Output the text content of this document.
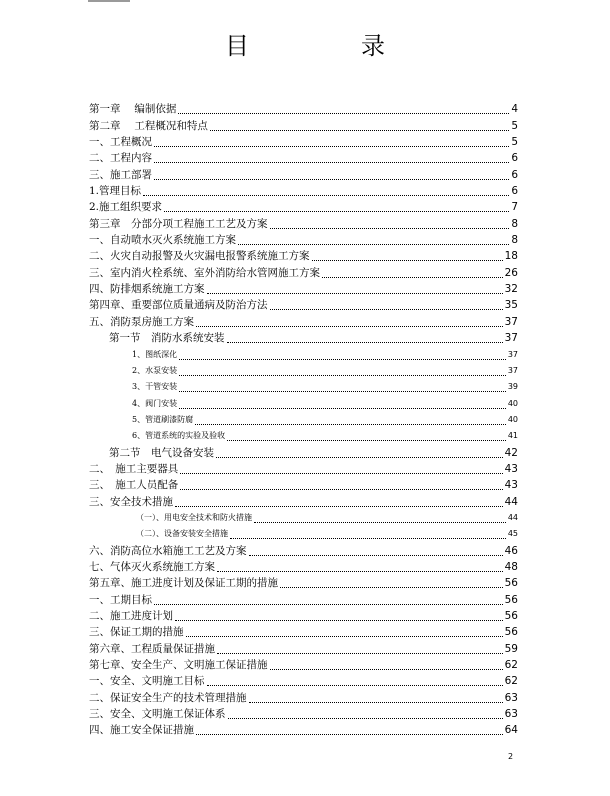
目　录
第一章　 编制依据	4
第二章　 工程概况和特点	5
一、工程概况	5
二、工程内容	6
三、施工部署	6
1.管理目标	6
2.施工组织要求	7
第三章　分部分项工程施工工艺及方案	8
一、自动喷水灭火系统施工方案	8
二、火灾自动报警及火灾漏电报警系统施工方案	18
三、室内消火栓系统、室外消防给水管网施工方案	26
四、防排烟系统施工方案	32
第四章、重要部位质量通病及防治方法	35
五、消防泵房施工方案	37
第一节　消防水系统安装	37
1、图纸深化	37
2、水泵安装	37
3、干管安装	39
4、阀门安装	40
5、管道刷漆防腐	40
6、管道系统的实验及验收	41
第二节　电气设备安装	42
二、　施工主要器具	43
三、　施工人员配备	43
三、安全技术措施	44
（一）、用电安全技术和防火措施	44
（二）、设备安装安全措施	45
六、消防高位水箱施工工艺及方案	46
七、气体灭火系统施工方案	48
第五章、施工进度计划及保证工期的措施	56
一、工期目标	56
二、施工进度计划	56
三、保证工期的措施	56
第六章、工程质量保证措施	59
第七章、安全生产、文明施工保证措施	62
一、安全、文明施工目标	62
二、保证安全生产的技术管理措施	63
三、安全、文明施工保证体系	63
四、施工安全保证措施	64
2
